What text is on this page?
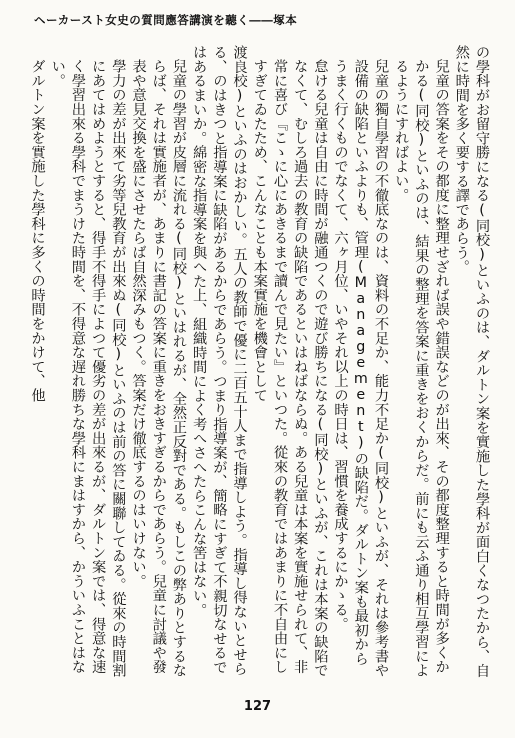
ヘーカースト女史の質問應答講演を聽く――塚本

の學科がお留守勝になる(同校)といふのは、ダルトン案を實施した學科が面白くなつたから、自然に時間を多く要する譯であらう。

兒童の答案をその都度に整理せざれば誤や錯誤などのが出來、その都度整理すると時間が多くかかる(同校)といふのは、結果の整理を答案に重きをおくからだ。前にも云ふ通り相互學習によるようにすればよい。

兒童の獨自學習の不徹底なのは、資料の不足か、能力不足か(同校)といふが、それは參考書や設備の缺陷といふよりも、管理(Management)の缺陷だ。ダルトン案も最初からうまく行くものでなくて、六ヶ月位、いやそれ以上の時日は、習慣を養成するにかゝる。

怠ける兒童は自由に時間が融通つくので遊び勝ちになる(同校)といふが、これは本案の缺陷でなくて、むしろ過去の教育の缺陷であるといはねばならぬ。ある兒童は本案を實施せられて、非常に喜び『こゝに心にあきるまで讀んで見たい』といつた。從來の教育ではあまりに不自由にしすぎてゐたため、こんなことも本案實施を機會として

渡良校)といふのはおかしい。五人の教師で優に二百五十人まで指導しよう。指導し得ないとせらる、のはきつと指導案に缺陷があるからであらう。つまり指導案が、簡略にすぎて不親切なせるではあるまいか。綿密な指導案を與へた上、組織時間によく考へさへたらこんな筈はない。

兒童の學習が皮層に流れる(同校)といはれるが、全然正反對である。もしこの弊ありとするならば、それは實施者が、あまりに書記の答案に重きをおきすぎるからであらう。兒童に討議や發表や意見交換を盛にさせたらば自然深みもつく。答案だけ徹底するのはいけない。

學力の差が出來て劣等兒教育が出來ぬ(同校)といふのは前の答に關聯してゐる。從來の時間割にあてはめようとすると、得手不得手によつて優劣の差が出來るが、ダルトン案では、得意な速く學習出來る學科でまうけた時間を、不得意な遅れ勝ちな學科にまはすから、かういふことはない。

ダルトン案を實施した學科に多くの時間をかけて、他

127
